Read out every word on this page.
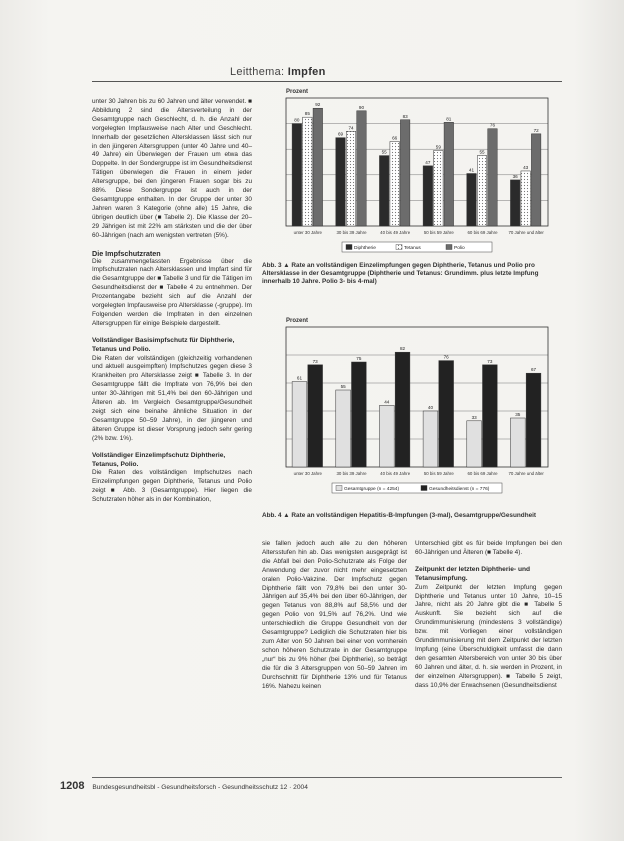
Leitthema: Impfen

unter 30 Jahren bis zu 60 Jahren und älter verwendet. ■ Abbildung 2 sind die Altersverteilung in der Gesamtgruppe nach Geschlecht, d. h. die Anzahl der vorgelegten Impfausweise nach Alter und Geschlecht. Innerhalb der gesetzlichen Altersklassen lässt sich nur in den jüngeren Altersgruppen (unter 40 Jahre und 40–49 Jahre) ein Überwiegen der Frauen um etwa das Doppelte. In der Sondergruppe ist im Gesundheitsdienst Tätigen überwiegen die Frauen in einem jeder Altersgruppe, bei den jüngeren Frauen sogar bis zu 88%. Diese Sondergruppe ist auch in der Gesamtgruppe enthalten. In der Gruppe der unter 30 Jahren waren 3 Kategorie (ohne alle) 15 Jahre, die übrigen deutlich über (■ Tabelle 2). Die Klasse der 20–29 Jährigen ist mit 22% am stärksten und die der über 60-Jährigen (nach am wenigsten vertreten (5%).

Die Impfschutzraten

Die zusammengefassten Ergebnisse über die Impfschutzraten nach Altersklassen und Impfart sind für die Gesamtgruppe der ■ Tabelle 3 und für die Tätigen im Gesundheitsdienst der ■ Tabelle 4 zu entnehmen. Der Prozentangabe bezieht sich auf die Anzahl der vorgelegten Impfausweise pro Altersklasse (-gruppe). Im Folgenden werden die Impfraten in den einzelnen Altersgruppen für einige Beispiele dargestellt.

Vollständiger Basisimpfschutz für Diphtherie, Tetanus und Polio.

Die Raten der vollständigen (gleichzeitig vorhandenen und aktuell ausgeimpften) Impfschutzes gegen diese 3 Krankheiten pro Altersklasse zeigt ■ Tabelle 3. In der Gesamtgruppe fällt die Impfrate von 76,9% bei den unter 30-Jährigen mit 51,4% bei den 60-Jährigen und Älteren ab. Im Vergleich Gesamtgruppe/Gesundheit zeigt sich eine beinahe ähnliche Situation in der Gesamtgruppe 50–59 Jahre), in der jüngeren und älteren Gruppe ist dieser Vorsprung jedoch sehr gering (2% bzw. 1%).

Vollständiger Einzelimpfschutz Diphtherie, Tetanus, Polio.

Die Raten des vollständigen Impfschutzes nach Einzelimpfungen gegen Diphtherie, Tetanus und Polio zeigt ■ Abb. 3 (Gesamtgruppe). Hier liegen die Schutzraten höher als in der Kombination,

Prozent
80
69
55
47
41
36
85
74
66
59
55
43
92
90
83
81
76
72
unter 30 Jahre	30 bis 39 Jahre	40 bis 49 Jahre	50 bis 59 Jahre	60 bis 69 Jahre 70 Jahre und älter
Diphtherie	Tetanus	Polio
Abb. 3 ▲ Rate an vollständigen Einzelimpfungen gegen Diphtherie, Tetanus und Polio pro Altersklasse in der Gesamtgruppe (Diphtherie und Tetanus: Grundimm. plus letzte Impfung innerhalb 10 Jahre. Polio 3- bis 4-mal)
Prozent
61
55
44
40
33
35
73
75
82
76
73
67
unter 30 Jahre	30 bis 39 Jahre	40 bis 49 Jahre	50 bis 59 Jahre	60 bis 69 Jahre 70 Jahre und älter
Gesamtgruppe (n = 4254)	Gesundheitsdienst (n = 776)
Abb. 4 ▲ Rate an vollständigen Hepatitis-B-Impfungen (3-mal), Gesamtgruppe/Gesundheit

sie fallen jedoch auch alle zu den höheren Altersstufen hin ab. Das wenigsten ausgeprägt ist die Abfall bei den Polio-Schutzrate als Folge der Anwendung der zuvor nicht mehr eingesetzten oralen Polio-Vakzine. Der Impfschutz gegen Diphtherie fällt von 79,8% bei den unter 30-Jährigen auf 35,4% bei den über 60-Jährigen, der gegen Tetanus von 88,8% auf 58,5% und der gegen Polio von 91,5% auf 76,2%. Und wie unterschiedlich die Gruppe Gesundheit von der Gesamtgruppe? Lediglich die Schutzraten hier bis zum Alter von 50 Jahren bei einer von vornherein schon höheren Schutzrate in der Gesamtgruppe „nur“ bis zu 9% höher (bei Diphtherie), so beträgt die für die 3 Altersgruppen von 50–59 Jahren im Durchschnitt für Diphtherie 13% und für Tetanus 16%. Nahezu keinen

Unterschied gibt es für beide Impfungen bei den 60-Jährigen und Älteren (■ Tabelle 4).

Zeitpunkt der letzten Diphtherie- und Tetanusimpfung.

Zum Zeitpunkt der letzten Impfung gegen Diphtherie und Tetanus unter 10 Jahre, 10–15 Jahre, nicht als 20 Jahre gibt die ■ Tabelle 5 Auskunft. Sie bezieht sich auf die Grundimmunisierung (mindestens 3 vollständige) bzw. mit Vorliegen einer vollständigen Grundimmunisierung mit dem Zeitpunkt der letzten Impfung (eine Überschuldigkeit umfasst die dann den gesamten Altersbereich von unter 30 bis über 60 Jahren und älter, d. h. sie werden in Prozent, in der einzelnen Altersgruppen). ■ Tabelle 5 zeigt, dass 10,9% der Erwachsenen (Gesundheitsdienst

1208 Bundesgesundheitsbl - Gesundheitsforsch - Gesundheitsschutz 12 · 2004
